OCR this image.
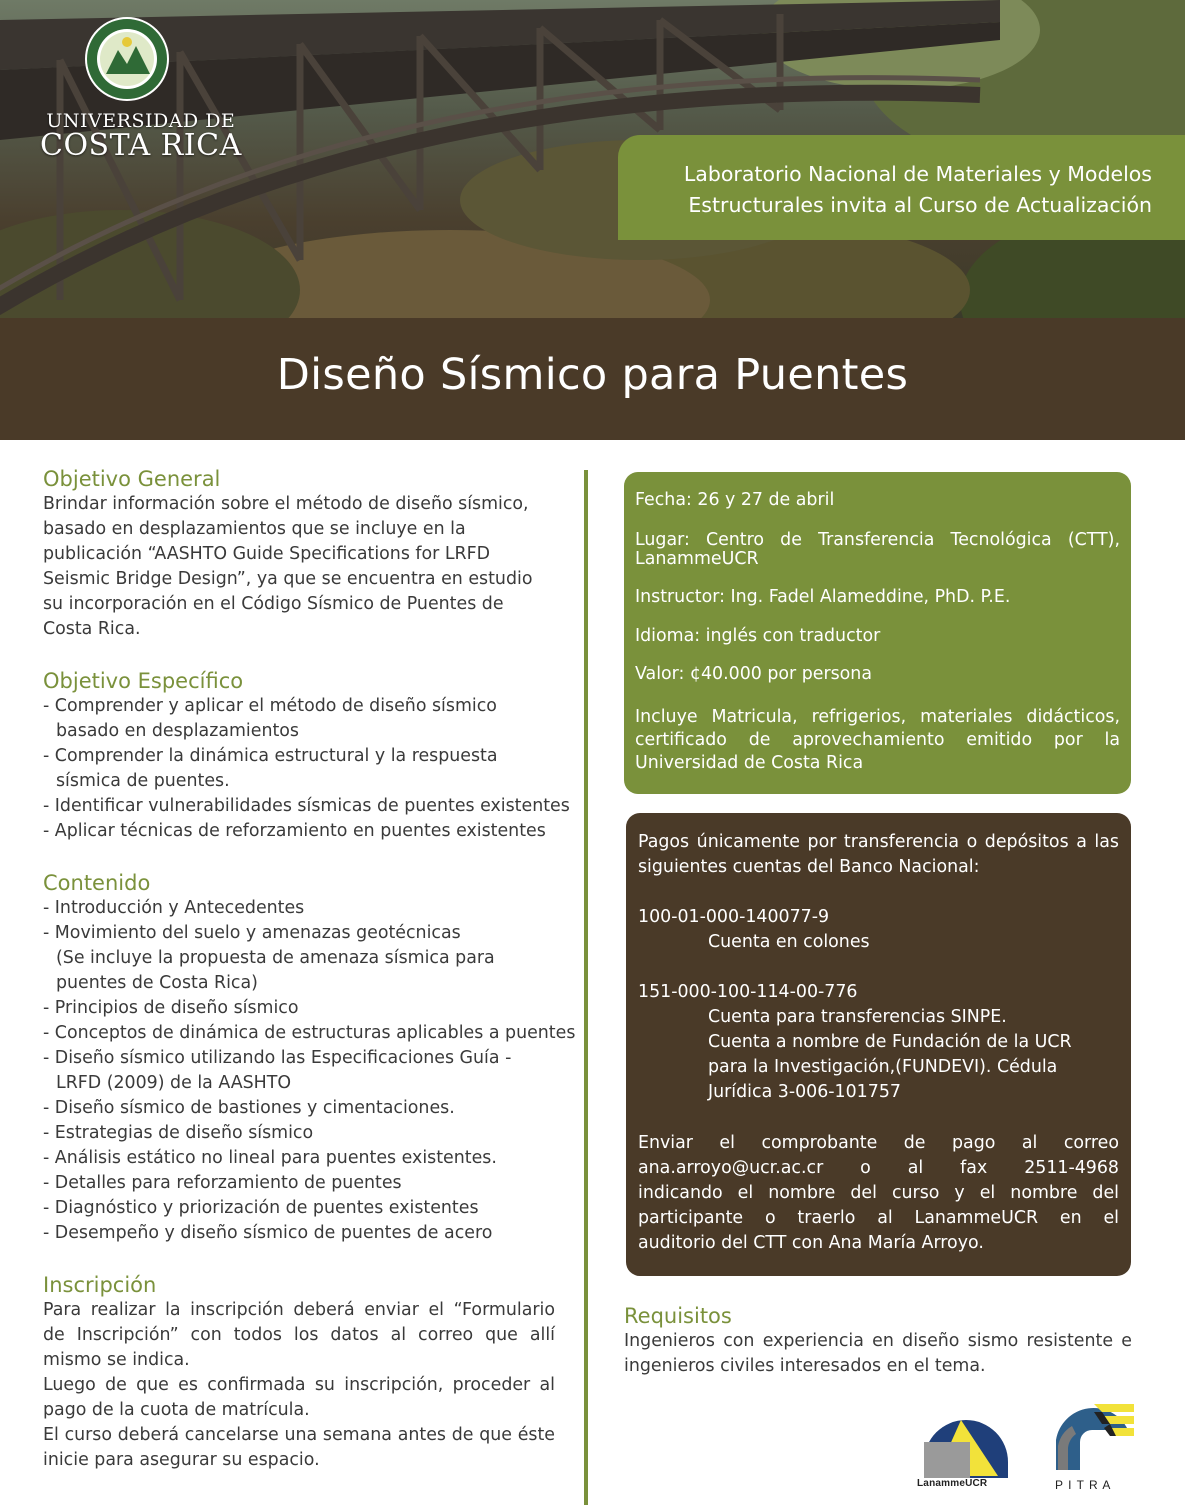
UNIVERSIDAD DE
COSTA RICA
Laboratorio Nacional de Materiales y Modelos
Estructurales invita al Curso de Actualización
Diseño Sísmico para Puentes
Objetivo General
Brindar información sobre el método de diseño sísmico,
basado en desplazamientos que se incluye en la
publicación “AASHTO Guide Specifications for LRFD
Seismic Bridge Design”, ya que se encuentra en estudio
su incorporación en el Código Sísmico de Puentes de
Costa Rica.
Objetivo Específico
- Comprender y aplicar el método de diseño sísmico
basado en desplazamientos
- Comprender la dinámica estructural y la respuesta
sísmica de puentes.
- Identificar vulnerabilidades sísmicas de puentes existentes
- Aplicar técnicas de reforzamiento en puentes existentes
Contenido
- Introducción y Antecedentes
- Movimiento del suelo y amenazas geotécnicas
(Se incluye la propuesta de amenaza sísmica para
puentes de Costa Rica)
- Principios de diseño sísmico
- Conceptos de dinámica de estructuras aplicables a puentes
- Diseño sísmico utilizando las Especificaciones Guía -
LRFD (2009) de la AASHTO
- Diseño sísmico de bastiones y cimentaciones.
- Estrategias de diseño sísmico
- Análisis estático no lineal para puentes existentes.
- Detalles para reforzamiento de puentes
- Diagnóstico y priorización de puentes existentes
- Desempeño y diseño sísmico de puentes de acero
Inscripción
Para realizar la inscripción deberá enviar el “Formulario
de Inscripción” con todos los datos al correo que allí
mismo se indica.
Luego de que es confirmada su inscripción, proceder al
pago de la cuota de matrícula.
El curso deberá cancelarse una semana antes de que éste
inicie para asegurar su espacio.
Fecha: 26 y 27 de abril
Lugar: Centro de Transferencia Tecnológica (CTT),
LanammeUCR
Instructor: Ing. Fadel Alameddine, PhD. P.E.
Idioma: inglés con traductor
Valor: ¢40.000 por persona
Incluye Matricula, refrigerios, materiales didácticos,
certificado de aprovechamiento emitido por la
Universidad de Costa Rica
Pagos únicamente por transferencia o depósitos a las
siguientes cuentas del Banco Nacional:
100-01-000-140077-9
Cuenta en colones
151-000-100-114-00-776
Cuenta para transferencias SINPE.
Cuenta a nombre de Fundación de la UCR
para la Investigación,(FUNDEVI). Cédula
Jurídica 3-006-101757
Enviar el comprobante de pago al correo
ana.arroyo@ucr.ac.cr o al fax 2511-4968
indicando el nombre del curso y el nombre del
participante o traerlo al LanammeUCR en el
auditorio del CTT con Ana María Arroyo.
Requisitos
Ingenieros con experiencia en diseño sismo resistente e
ingenieros civiles interesados en el tema.
LanammeUCR	P I T R A
